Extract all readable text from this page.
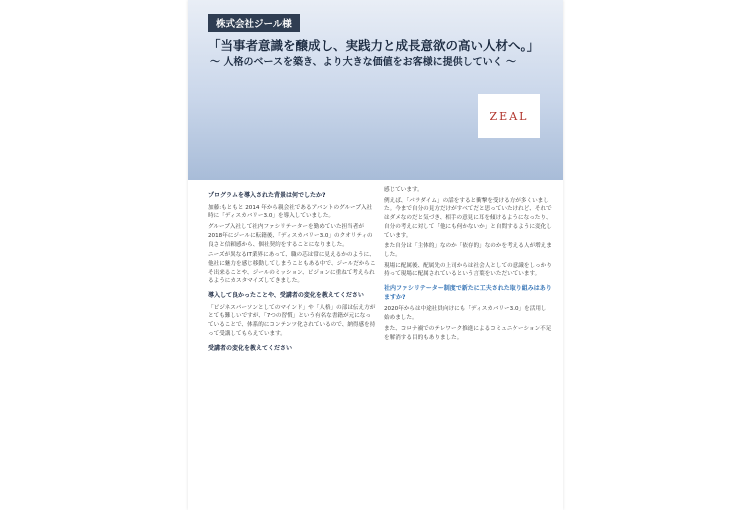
株式会社ジール様
「当事者意識を醸成し、実践力と成長意欲の高い人材へ。」
〜 人格のベースを築き、より大きな価値をお客様に提供していく 〜
ZEAL
プログラムを導入された背景は何でしたか?
加藤:もともと 2014 年から親会社であるアバントのグループ入社時に「ディスカバリー3.0」を導入していました。
グループ入社して社内ファシリテーターを勤めていた担当者が2018年にジールに転籍後、「ディスカバリー3.0」のクオリティの良さと信頼感から、個社契約をすることになりました。
ニーズが異なるIT業界にあって、職の芯は常に見えるかのように、他社に魅力を感じ移動してしまうこともある中で、ジールだからこそ出来ることや、ジールのミッション、ビジョンに重ねて考えられるようにカスタマイズしてきました。
導入して良かったことや、受講者の変化を教えてください
「ビジネスパーソンとしてのマインド」や「人格」の部は伝え方がとても難しいですが、「7つの習慣」という有名な書籍が元になっていることで、体系的にコンテンツ化されているので、納得感を持って受講してもらえています。
受講者の変化を教えてください
感じています。
例えば、「パラダイム」の話をすると衝撃を受ける方が多くいました。今まで自分の見方だけがすべてだと思っていたけれど、それではダメなのだと気づき、相手の意見に耳を傾けるようになったり、自分の考えに対して「他にも何かないか」と自問するように変化しています。
また自分は「主体的」なのか「依存的」なのかを考える人が増えました。
現場に配属後、配属先の上司からは社会人としての意識をしっかり持って現場に配属されているという言葉をいただいています。
社内ファシリテーター制度で新たに工夫された取り組みはありますか?
2020年からは中途社員向けにも「ディスカバリー3.0」を活用し始めました。
また、コロナ禍でのテレワーク推進によるコミュニケーション不足を解消する目的もありました。
